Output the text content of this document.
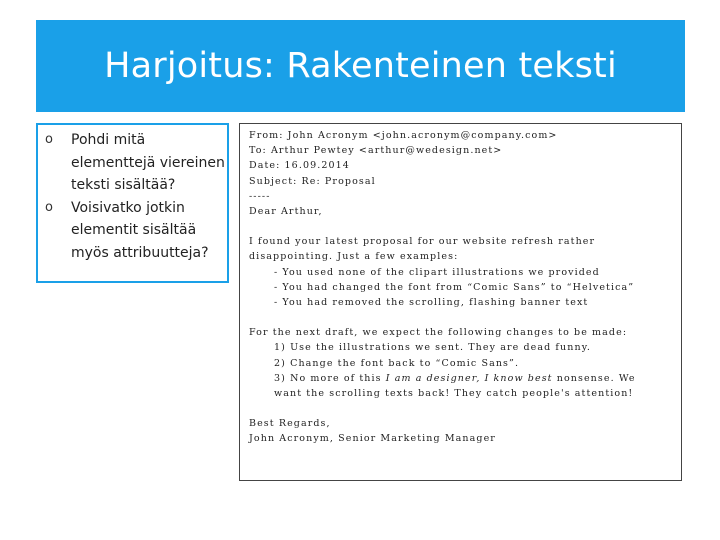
Harjoitus: Rakenteinen teksti
o Pohdi mitä elementtejä viereinen teksti sisältää?
o Voisivatko jotkin elementit sisältää myös attribuutteja?
From: John Acronym <john.acronym@company.com>
To: Arthur Pewtey <arthur@wedesign.net>
Date: 16.09.2014
Subject: Re: Proposal
-----
Dear Arthur,
I found your latest proposal for our website refresh rather
disappointing. Just a few examples:
- You used none of the clipart illustrations we provided
- You had changed the font from “Comic Sans” to “Helvetica”
- You had removed the scrolling, flashing banner text
For the next draft, we expect the following changes to be made:
1) Use the illustrations we sent. They are dead funny.
2) Change the font back to “Comic Sans”.
3) No more of this I am a designer, I know best nonsense. We
want the scrolling texts back! They catch people's attention!
Best Regards,
John Acronym, Senior Marketing Manager
